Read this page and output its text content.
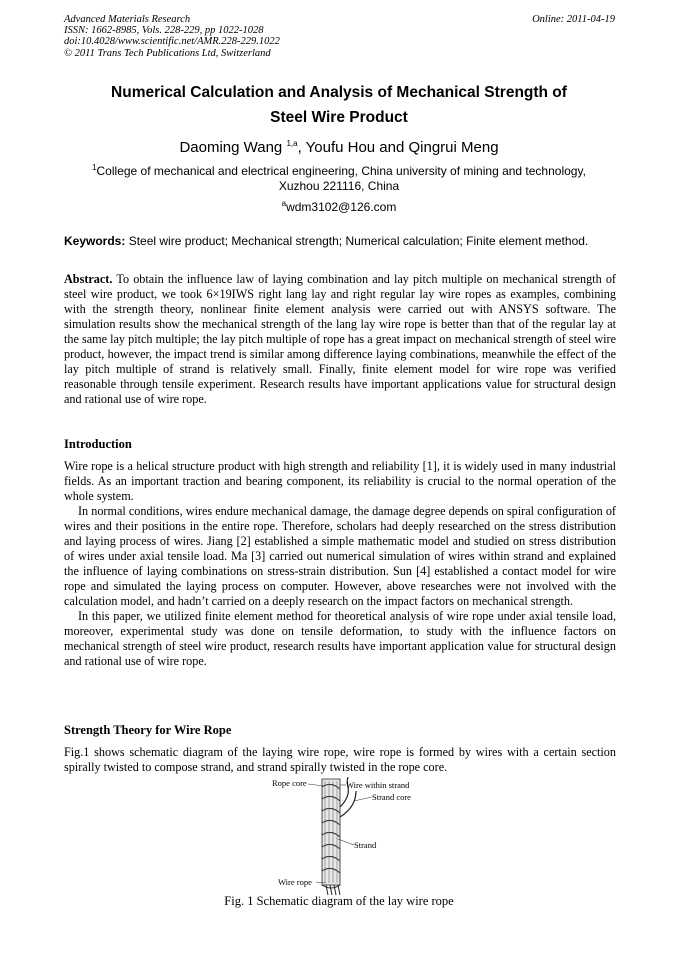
Advanced Materials Research
ISSN: 1662-8985, Vols. 228-229, pp 1022-1028
doi:10.4028/www.scientific.net/AMR.228-229.1022
© 2011 Trans Tech Publications Ltd, Switzerland
Online: 2011-04-19
Numerical Calculation and Analysis of Mechanical Strength of
Steel Wire Product
Daoming Wang $^{1,a}$, Youfu Hou and Qingrui Meng
$^1$College of mechanical and electrical engineering, China university of mining and technology,
Xuzhou 221116, China
$^a$wdm3102@126.com
Keywords: Steel wire product; Mechanical strength; Numerical calculation; Finite element method.
Abstract. To obtain the influence law of laying combination and lay pitch multiple on mechanical strength of steel wire product, we took 6×19IWS right lang lay and right regular lay wire ropes as examples, combining with the strength theory, nonlinear finite element analysis were carried out with ANSYS software. The simulation results show the mechanical strength of the lang lay wire rope is better than that of the regular lay at the same lay pitch multiple; the lay pitch multiple of rope has a great impact on mechanical strength of steel wire product, however, the impact trend is similar among difference laying combinations, meanwhile the effect of the lay pitch multiple of strand is relatively small. Finally, finite element model for wire rope was verified reasonable through tensile experiment. Research results have important applications value for structural design and rational use of wire rope.
Introduction

Wire rope is a helical structure product with high strength and reliability [1], it is widely used in many industrial fields. As an important traction and bearing component, its reliability is crucial to the normal operation of the whole system.

In normal conditions, wires endure mechanical damage, the damage degree depends on spiral configuration of wires and their positions in the entire rope. Therefore, scholars had deeply researched on the stress distribution and laying process of wires. Jiang [2] established a simple mathematic model and studied on stress distribution of wires under axial tensile load. Ma [3] carried out numerical simulation of wires within strand and explained the influence of laying combinations on stress-strain distribution. Sun [4] established a contact model for wire rope and simulated the laying process on computer. However, above researches were not involved with the calculation model, and hadn’t carried on a deeply research on the impact factors on mechanical strength.

In this paper, we utilized finite element method for theoretical analysis of wire rope under axial tensile load, moreover, experimental study was done on tensile deformation, to study with the influence factors on mechanical strength of steel wire product, research results have important application value for structural design and rational use of wire rope.

Strength Theory for Wire Rope

Fig.1 shows schematic diagram of the laying wire rope, wire rope is formed by wires with a certain section spirally twisted to compose strand, and strand spirally twisted in the rope core.

Rope core	Wire within strand
Strand core
Strand
Wire rope
Fig. 1 Schematic diagram of the lay wire rope
